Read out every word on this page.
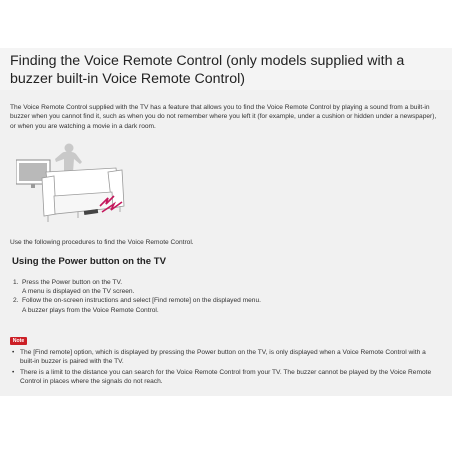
Finding the Voice Remote Control (only models supplied with a buzzer built-in Voice Remote Control)

The Voice Remote Control supplied with the TV has a feature that allows you to find the Voice Remote Control by playing a sound from a built-in buzzer when you cannot find it, such as when you do not remember where you left it (for example, under a cushion or hidden under a newspaper), or when you are watching a movie in a dark room.

Use the following procedures to find the Voice Remote Control.

Using the Power button on the TV
1. Press the Power button on the TV.
A menu is displayed on the TV screen.
2. Follow the on-screen instructions and select [Find remote] on the displayed menu.
A buzzer plays from the Voice Remote Control.
Note
• The [Find remote] option, which is displayed by pressing the Power button on the TV, is only displayed when a Voice Remote Control with a built-in buzzer is paired with the TV.
• There is a limit to the distance you can search for the Voice Remote Control from your TV. The buzzer cannot be played by the Voice Remote Control in places where the signals do not reach.
